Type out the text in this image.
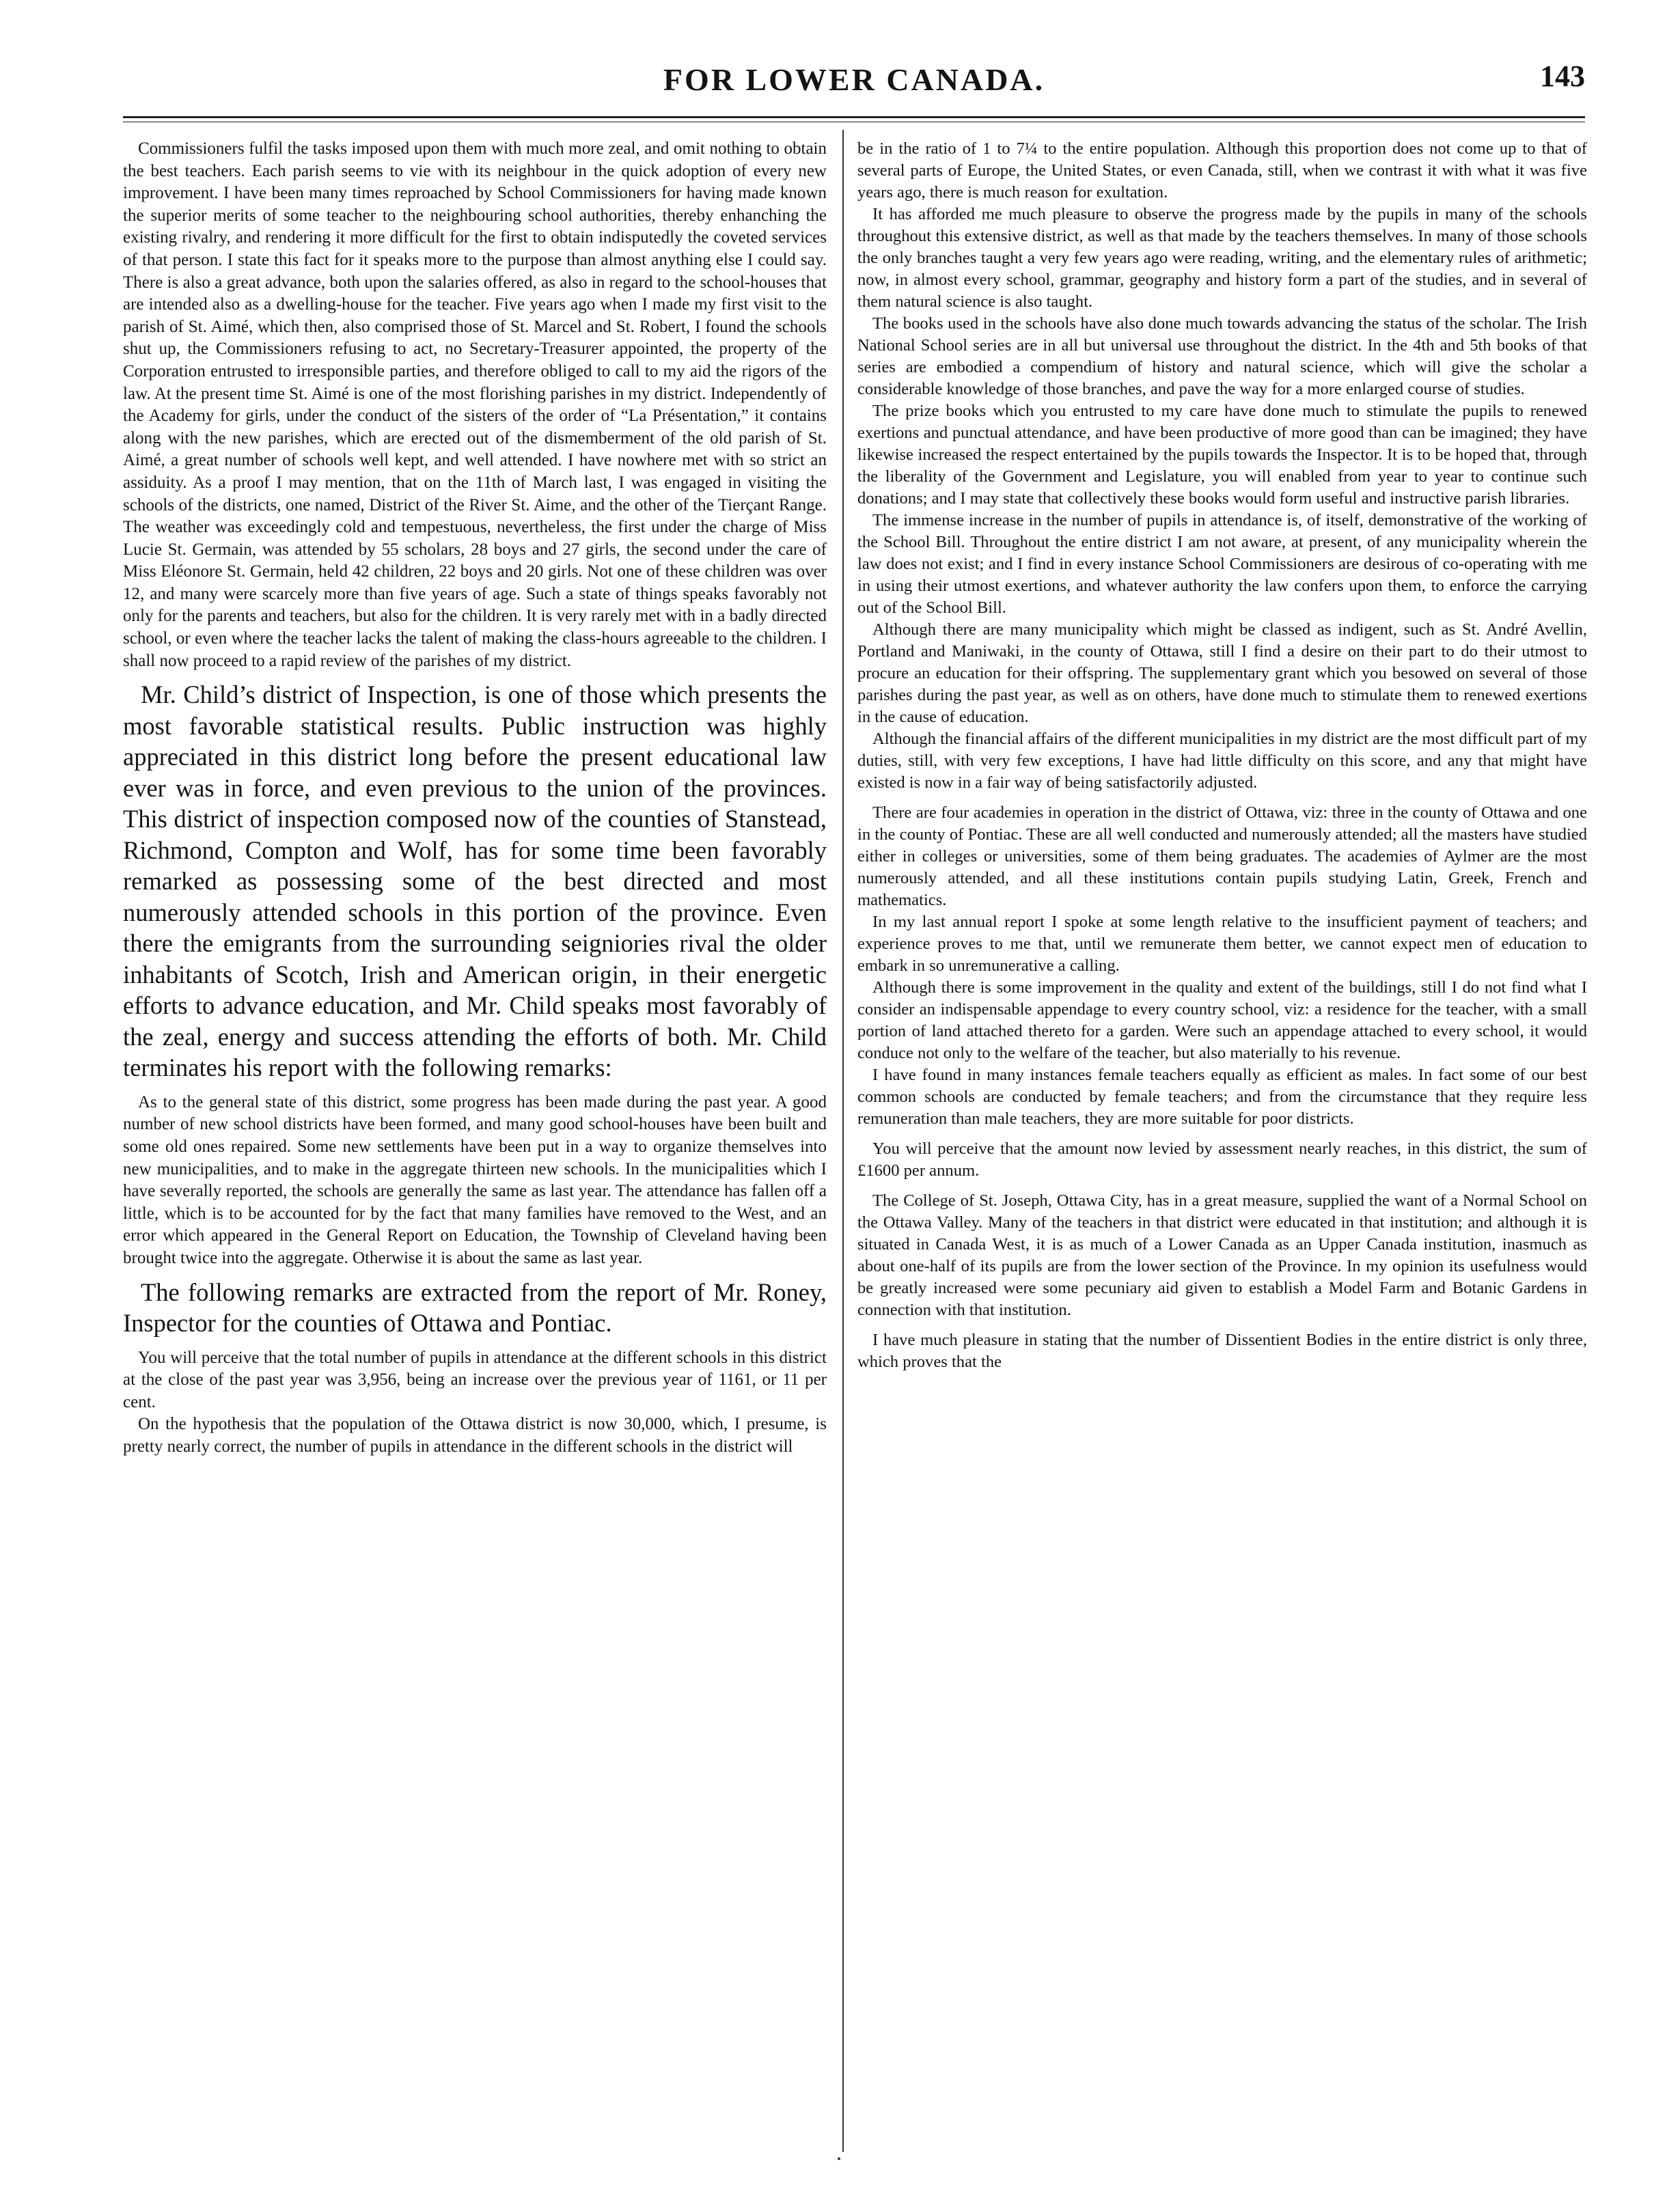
FOR LOWER CANADA.	143

Commissioners fulfil the tasks imposed upon them with much more zeal, and omit nothing to obtain the best teachers. Each parish seems to vie with its neighbour in the quick adoption of every new improvement. I have been many times reproached by School Commissioners for having made known the superior merits of some teacher to the neighbouring school authorities, thereby enhanching the existing rivalry, and rendering it more difficult for the first to obtain indisputedly the coveted services of that person. I state this fact for it speaks more to the purpose than almost anything else I could say. There is also a great advance, both upon the salaries offered, as also in regard to the school-houses that are intended also as a dwelling-house for the teacher. Five years ago when I made my first visit to the parish of St. Aimé, which then, also comprised those of St. Marcel and St. Robert, I found the schools shut up, the Commissioners refusing to act, no Secretary-Treasurer appointed, the property of the Corporation entrusted to irresponsible parties, and therefore obliged to call to my aid the rigors of the law. At the present time St. Aimé is one of the most florishing parishes in my district. Independently of the Academy for girls, under the conduct of the sisters of the order of “La Présentation,” it contains along with the new parishes, which are erected out of the dismemberment of the old parish of St. Aimé, a great number of schools well kept, and well attended. I have nowhere met with so strict an assiduity. As a proof I may mention, that on the 11th of March last, I was engaged in visiting the schools of the districts, one named, District of the River St. Aime, and the other of the Tierçant Range. The weather was exceedingly cold and tempestuous, nevertheless, the first under the charge of Miss Lucie St. Germain, was attended by 55 scholars, 28 boys and 27 girls, the second under the care of Miss Eléonore St. Germain, held 42 children, 22 boys and 20 girls. Not one of these children was over 12, and many were scarcely more than five years of age. Such a state of things speaks favorably not only for the parents and teachers, but also for the children. It is very rarely met with in a badly directed school, or even where the teacher lacks the talent of making the class-hours agreeable to the children. I shall now proceed to a rapid review of the parishes of my district.

Mr. Child’s district of Inspection, is one of those which presents the most favorable statistical results. Public instruction was highly appreciated in this district long before the present educational law ever was in force, and even previous to the union of the provinces. This district of inspection composed now of the counties of Stanstead, Richmond, Compton and Wolf, has for some time been favorably remarked as possessing some of the best directed and most numerously attended schools in this portion of the province. Even there the emigrants from the surrounding seigniories rival the older inhabitants of Scotch, Irish and American origin, in their energetic efforts to advance education, and Mr. Child speaks most favorably of the zeal, energy and success attending the efforts of both. Mr. Child terminates his report with the following remarks:

As to the general state of this district, some progress has been made during the past year. A good number of new school districts have been formed, and many good school-houses have been built and some old ones repaired. Some new settlements have been put in a way to organize themselves into new municipalities, and to make in the aggregate thirteen new schools. In the municipalities which I have severally reported, the schools are generally the same as last year. The attendance has fallen off a little, which is to be accounted for by the fact that many families have removed to the West, and an error which appeared in the General Report on Education, the Township of Cleveland having been brought twice into the aggregate. Otherwise it is about the same as last year.

The following remarks are extracted from the report of Mr. Roney, Inspector for the counties of Ottawa and Pontiac.

You will perceive that the total number of pupils in attendance at the different schools in this district at the close of the past year was 3,956, being an increase over the previous year of 1161, or 11 per cent.

On the hypothesis that the population of the Ottawa district is now 30,000, which, I presume, is pretty nearly correct, the number of pupils in attendance in the different schools in the district will

be in the ratio of 1 to 7¼ to the entire population. Although this proportion does not come up to that of several parts of Europe, the United States, or even Canada, still, when we contrast it with what it was five years ago, there is much reason for exultation.

It has afforded me much pleasure to observe the progress made by the pupils in many of the schools throughout this extensive district, as well as that made by the teachers themselves. In many of those schools the only branches taught a very few years ago were reading, writing, and the elementary rules of arithmetic; now, in almost every school, grammar, geography and history form a part of the studies, and in several of them natural science is also taught.

The books used in the schools have also done much towards advancing the status of the scholar. The Irish National School series are in all but universal use throughout the district. In the 4th and 5th books of that series are embodied a compendium of history and natural science, which will give the scholar a considerable knowledge of those branches, and pave the way for a more enlarged course of studies.

The prize books which you entrusted to my care have done much to stimulate the pupils to renewed exertions and punctual attendance, and have been productive of more good than can be imagined; they have likewise increased the respect entertained by the pupils towards the Inspector. It is to be hoped that, through the liberality of the Government and Legislature, you will enabled from year to year to continue such donations; and I may state that collectively these books would form useful and instructive parish libraries.

The immense increase in the number of pupils in attendance is, of itself, demonstrative of the working of the School Bill. Throughout the entire district I am not aware, at present, of any municipality wherein the law does not exist; and I find in every instance School Commissioners are desirous of co-operating with me in using their utmost exertions, and whatever authority the law confers upon them, to enforce the carrying out of the School Bill.

Although there are many municipality which might be classed as indigent, such as St. André Avellin, Portland and Maniwaki, in the county of Ottawa, still I find a desire on their part to do their utmost to procure an education for their offspring. The supplementary grant which you besowed on several of those parishes during the past year, as well as on others, have done much to stimulate them to renewed exertions in the cause of education.

Although the financial affairs of the different municipalities in my district are the most difficult part of my duties, still, with very few exceptions, I have had little difficulty on this score, and any that might have existed is now in a fair way of being satisfactorily adjusted.

There are four academies in operation in the district of Ottawa, viz: three in the county of Ottawa and one in the county of Pontiac. These are all well conducted and numerously attended; all the masters have studied either in colleges or universities, some of them being graduates. The academies of Aylmer are the most numerously attended, and all these institutions contain pupils studying Latin, Greek, French and mathematics.

In my last annual report I spoke at some length relative to the insufficient payment of teachers; and experience proves to me that, until we remunerate them better, we cannot expect men of education to embark in so unremunerative a calling.

Although there is some improvement in the quality and extent of the buildings, still I do not find what I consider an indispensable appendage to every country school, viz: a residence for the teacher, with a small portion of land attached thereto for a garden. Were such an appendage attached to every school, it would conduce not only to the welfare of the teacher, but also materially to his revenue.

I have found in many instances female teachers equally as efficient as males. In fact some of our best common schools are conducted by female teachers; and from the circumstance that they require less remuneration than male teachers, they are more suitable for poor districts.

You will perceive that the amount now levied by assessment nearly reaches, in this district, the sum of £1600 per annum.

The College of St. Joseph, Ottawa City, has in a great measure, supplied the want of a Normal School on the Ottawa Valley. Many of the teachers in that district were educated in that institution; and although it is situated in Canada West, it is as much of a Lower Canada as an Upper Canada institution, inasmuch as about one-half of its pupils are from the lower section of the Province. In my opinion its usefulness would be greatly increased were some pecuniary aid given to establish a Model Farm and Botanic Gardens in connection with that institution.

I have much pleasure in stating that the number of Dissentient Bodies in the entire district is only three, which proves that the
